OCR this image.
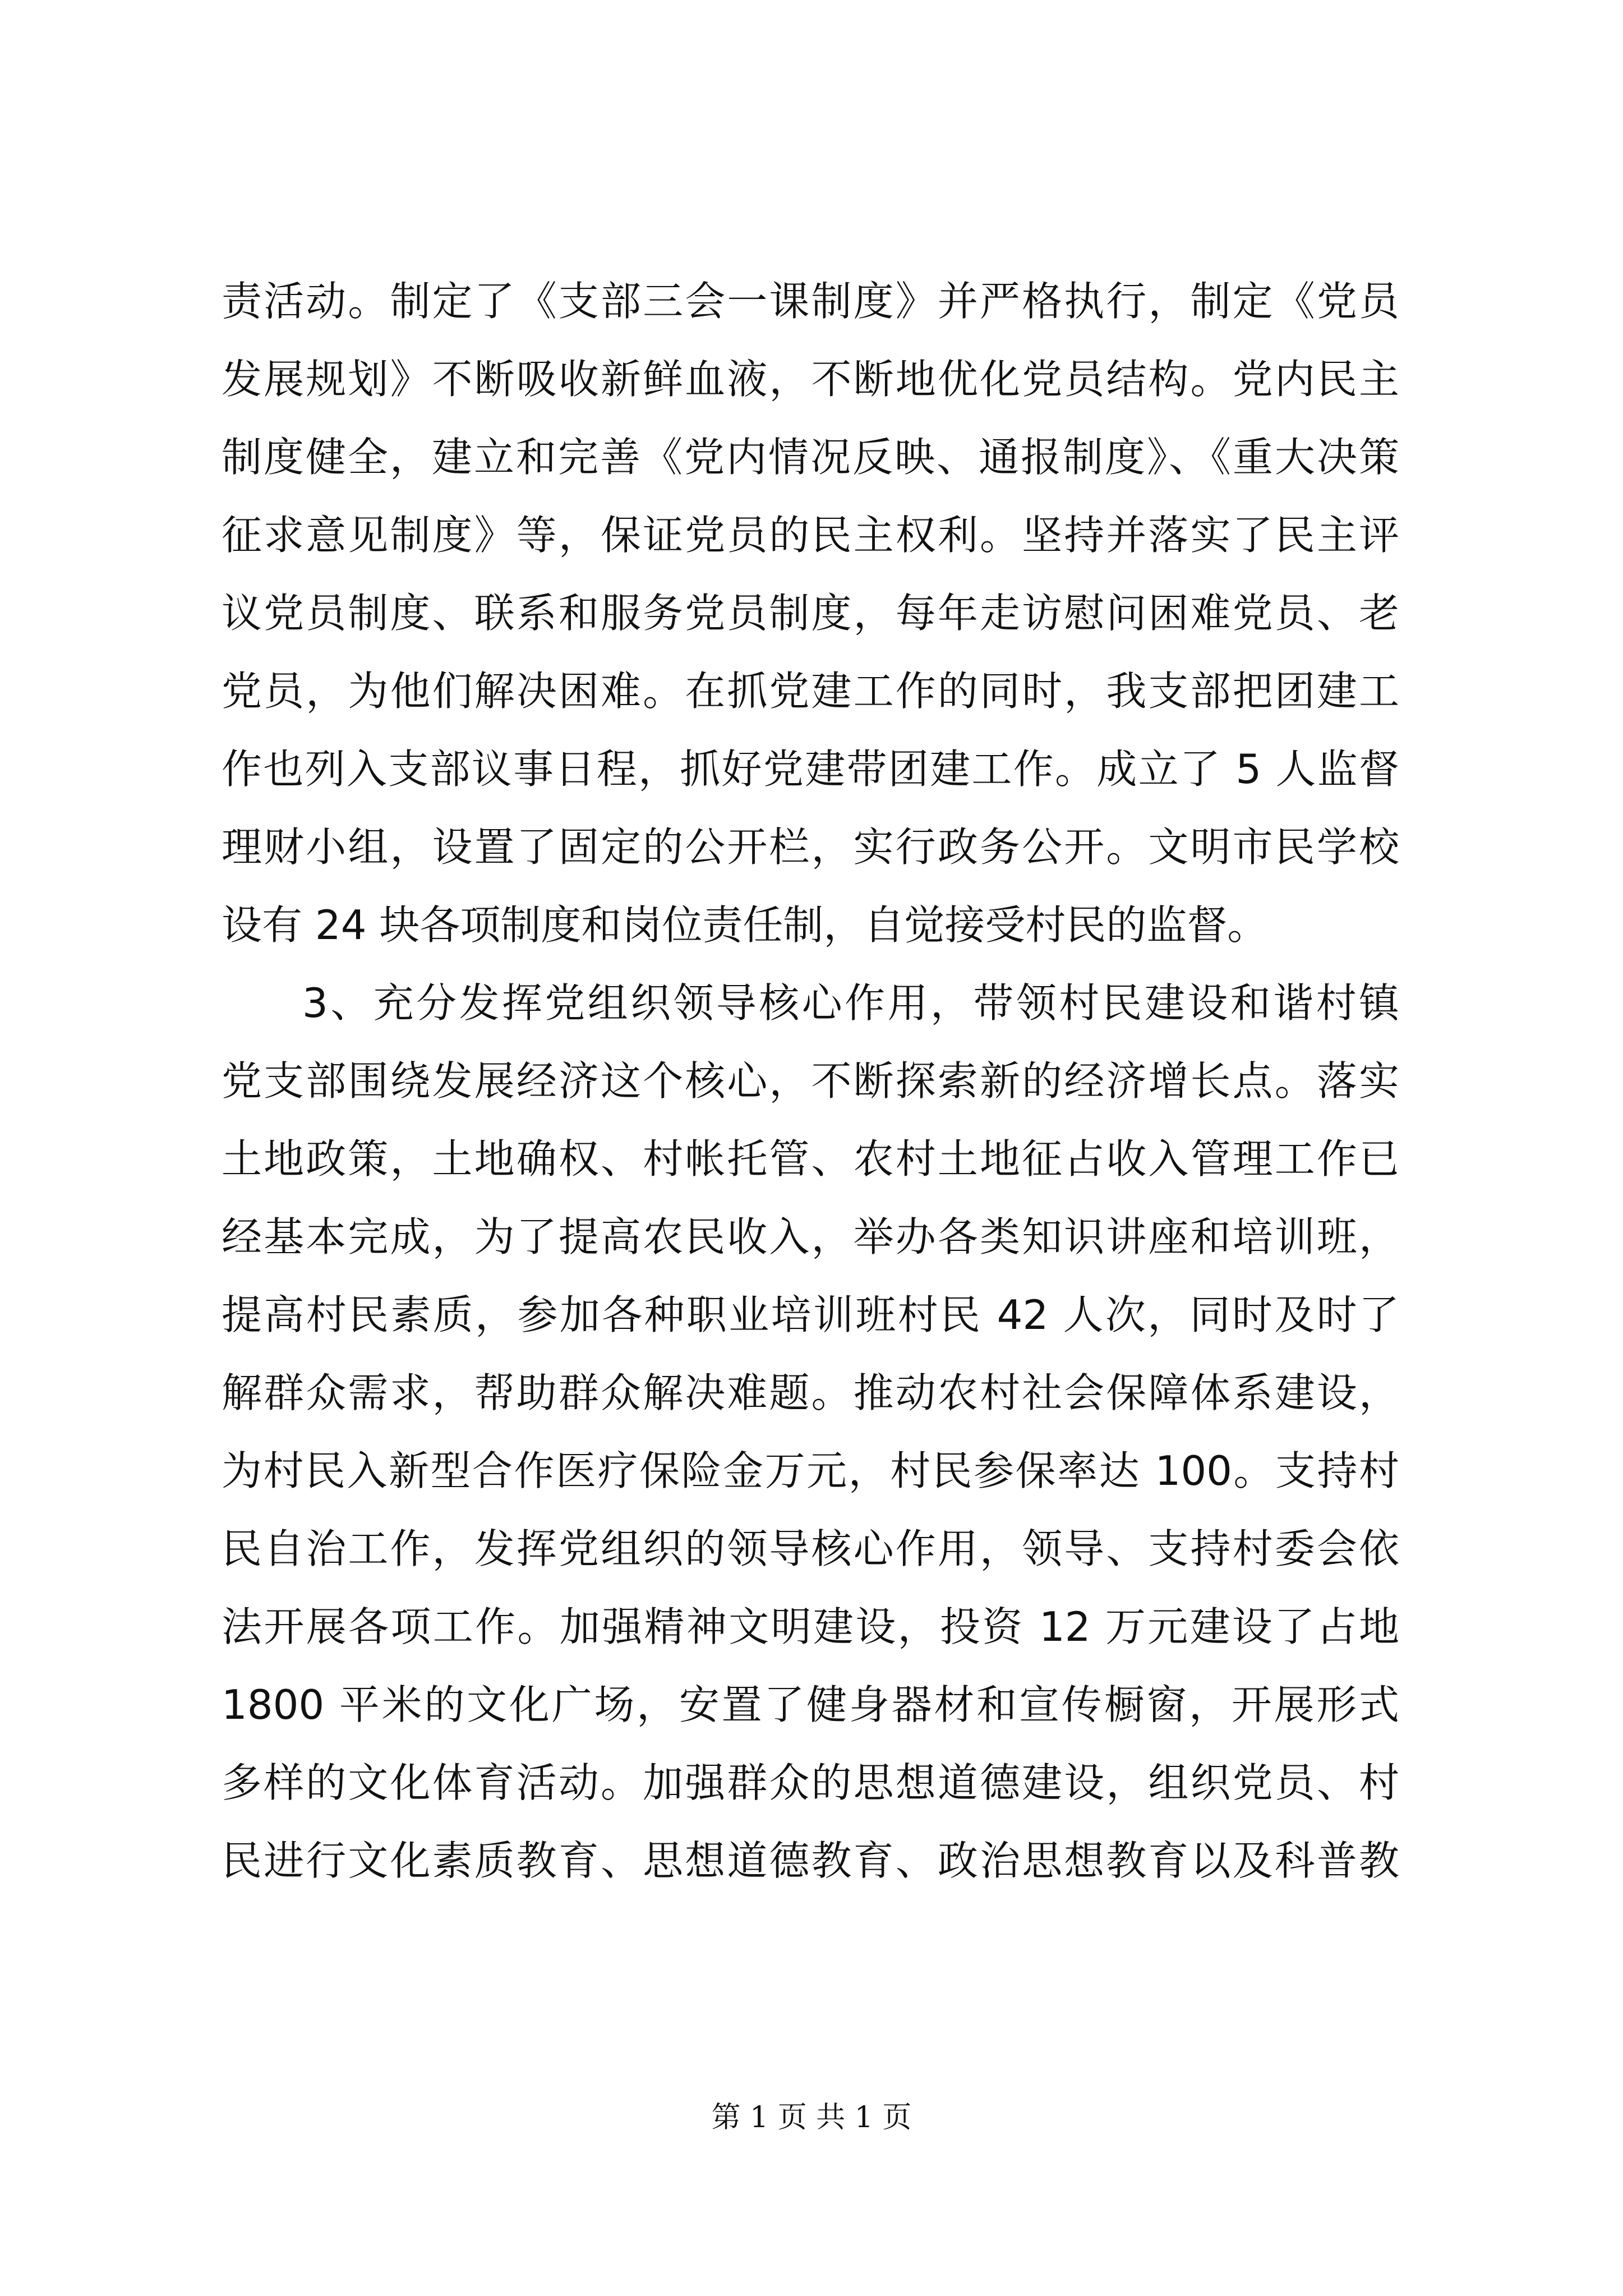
责活动。制定了《支部三会一课制度》并严格执行，制定《党员
发展规划》不断吸收新鲜血液，不断地优化党员结构。党内民主
制度健全，建立和完善《党内情况反映、通报制度》、《重大决策
征求意见制度》等，保证党员的民主权利。坚持并落实了民主评
议党员制度、联系和服务党员制度，每年走访慰问困难党员、老
党员，为他们解决困难。在抓党建工作的同时，我支部把团建工
作也列入支部议事日程，抓好党建带团建工作。成立了 5 人监督
理财小组，设置了固定的公开栏，实行政务公开。文明市民学校
设有 24 块各项制度和岗位责任制，自觉接受村民的监督。
3、充分发挥党组织领导核心作用，带领村民建设和谐村镇
党支部围绕发展经济这个核心，不断探索新的经济增长点。落实
土地政策，土地确权、村帐托管、农村土地征占收入管理工作已
经基本完成，为了提高农民收入，举办各类知识讲座和培训班，
提高村民素质，参加各种职业培训班村民 42 人次，同时及时了
解群众需求，帮助群众解决难题。推动农村社会保障体系建设，
为村民入新型合作医疗保险金万元，村民参保率达 100。支持村
民自治工作，发挥党组织的领导核心作用，领导、支持村委会依
法开展各项工作。加强精神文明建设，投资 12 万元建设了占地
1800 平米的文化广场，安置了健身器材和宣传橱窗，开展形式
多样的文化体育活动。加强群众的思想道德建设，组织党员、村
民进行文化素质教育、思想道德教育、政治思想教育以及科普教
第 1 页 共 1 页
